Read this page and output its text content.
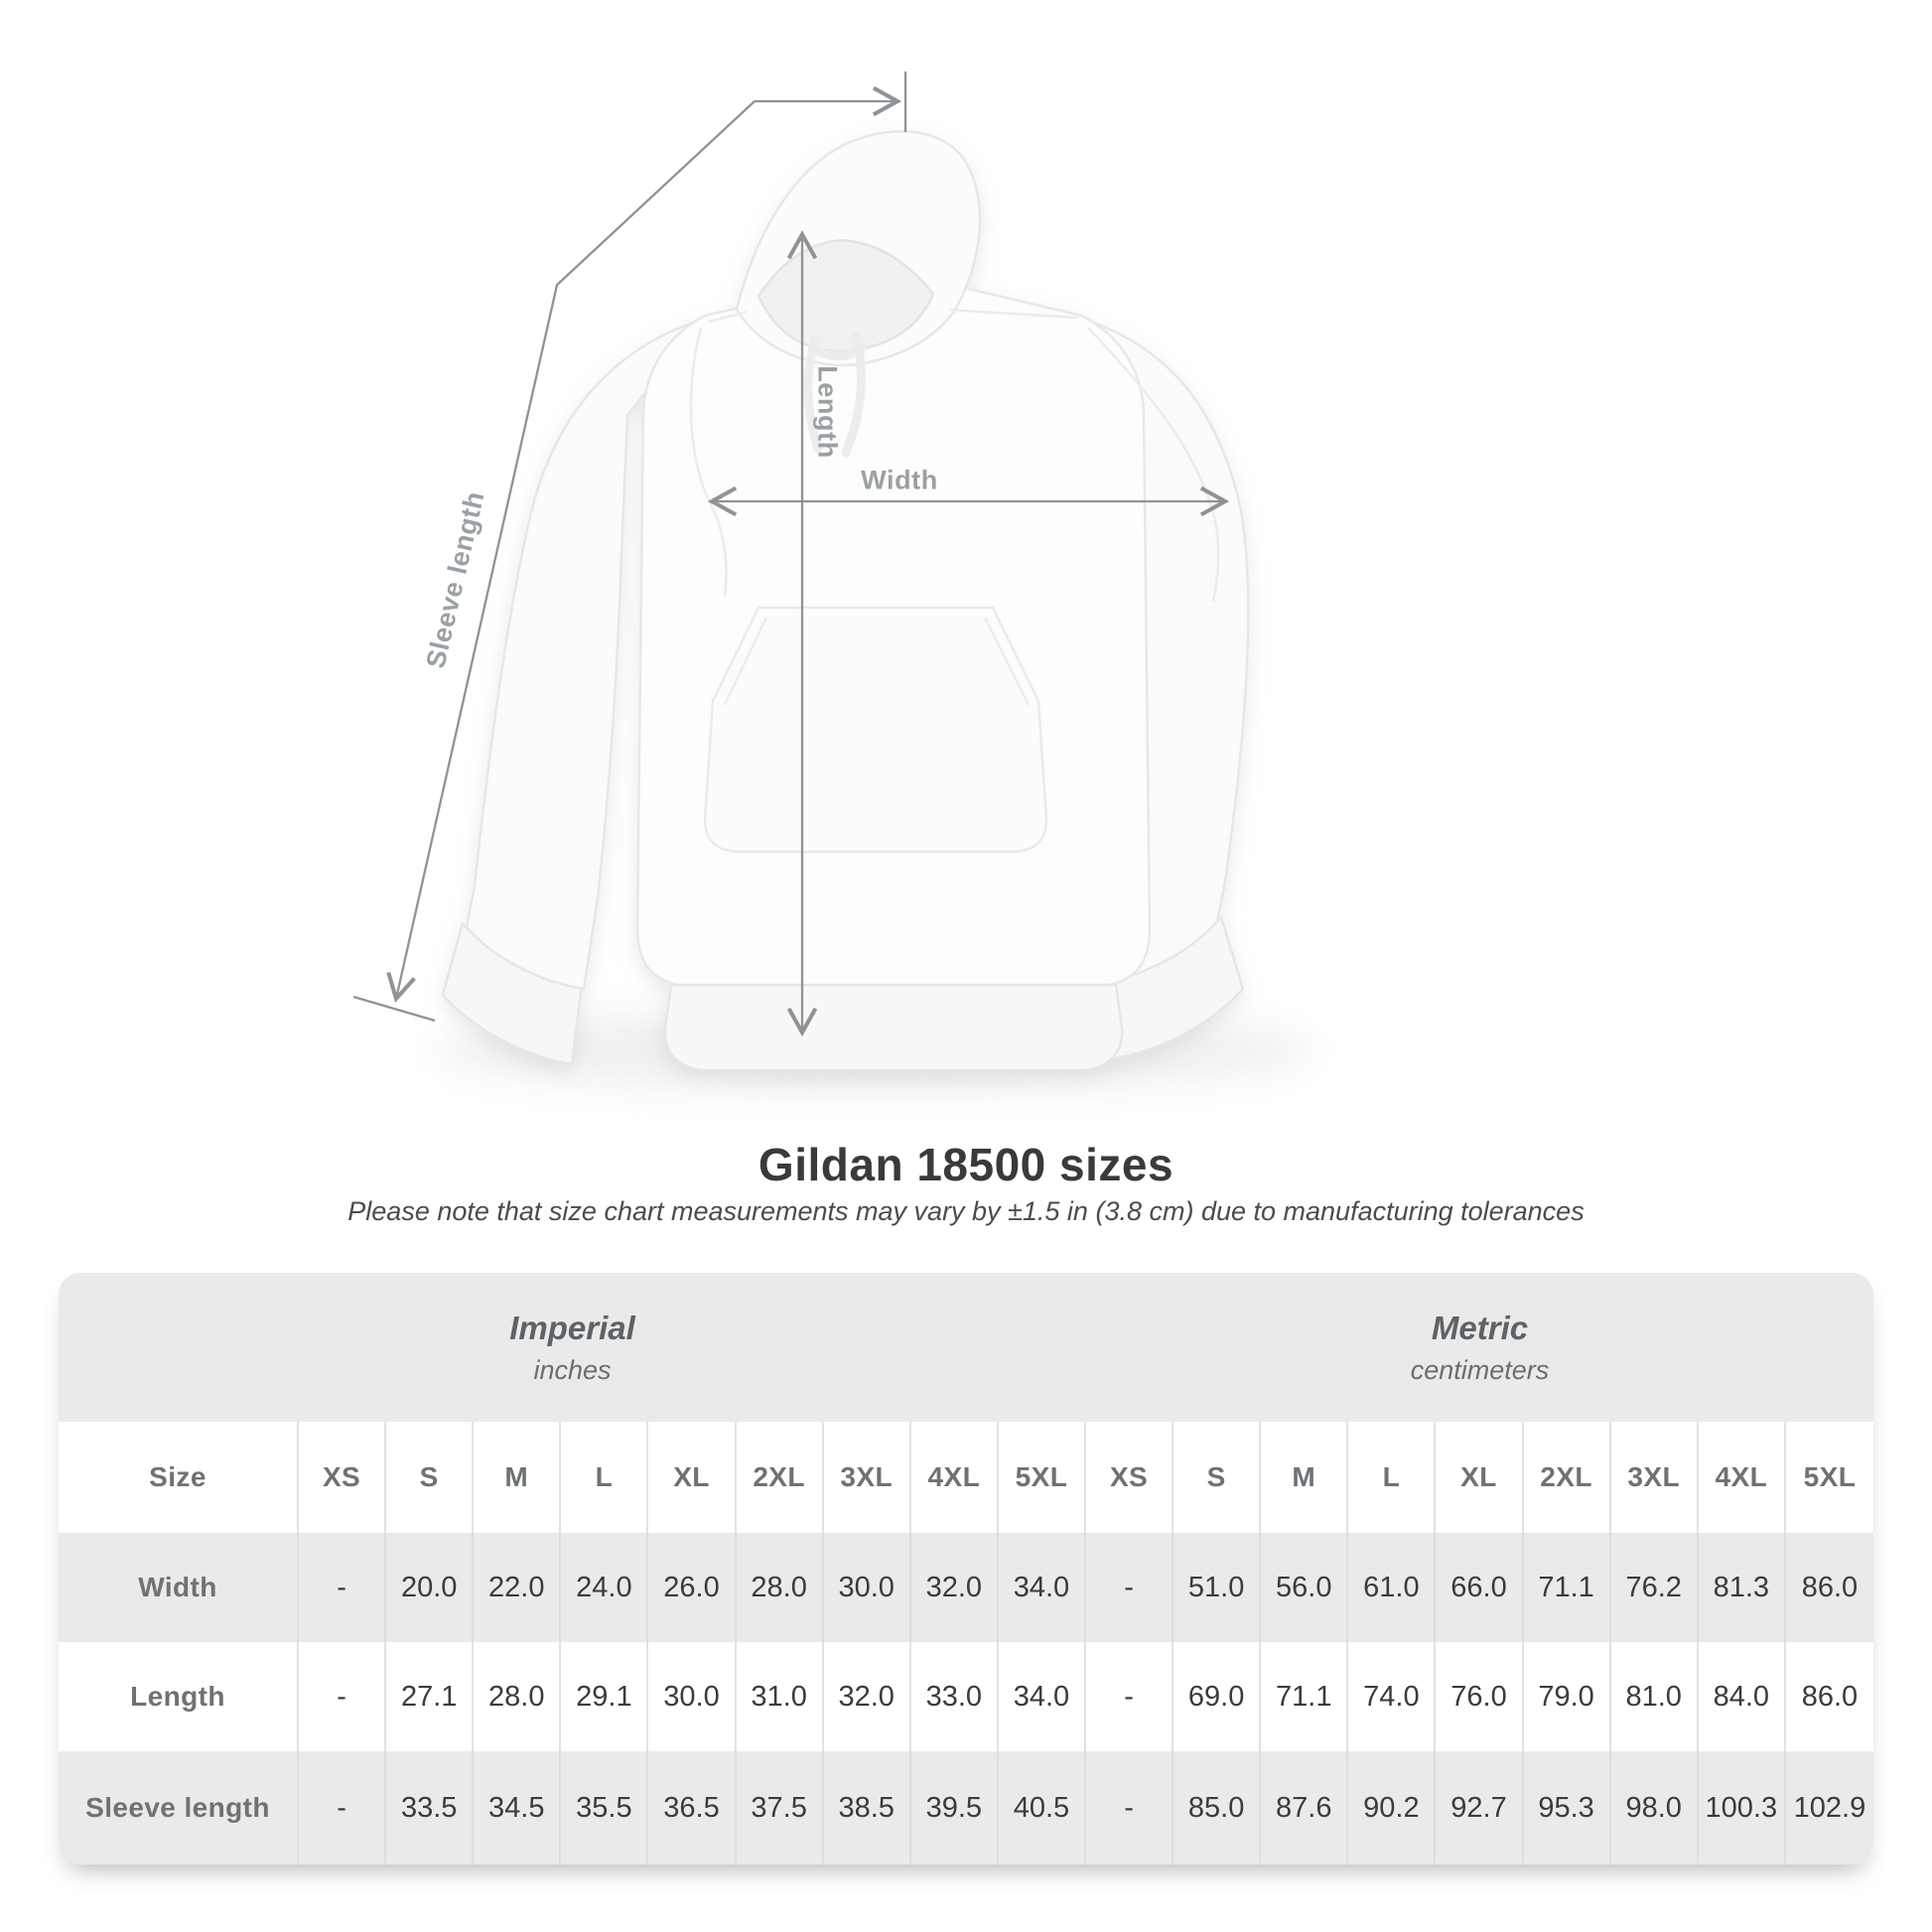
Width
Length
Sleeve length
Gildan 18500 sizes
Please note that size chart measurements may vary by ±1.5 in (3.8 cm) due to manufacturing tolerances
Imperial
inches
Metric
centimeters
Size	XS	S	M	L	XL	2XL	3XL	4XL	5XL	XS	S	M	L	XL	2XL	3XL	4XL	5XL
Width	-	20.0	22.0	24.0	26.0	28.0	30.0	32.0	34.0	-	51.0	56.0	61.0	66.0	71.1	76.2	81.3	86.0
Length	-	27.1	28.0	29.1	30.0	31.0	32.0	33.0	34.0	-	69.0	71.1	74.0	76.0	79.0	81.0	84.0	86.0
Sleeve length	-	33.5	34.5	35.5	36.5	37.5	38.5	39.5	40.5	-	85.0	87.6	90.2	92.7	95.3	98.0	100.3	102.9
